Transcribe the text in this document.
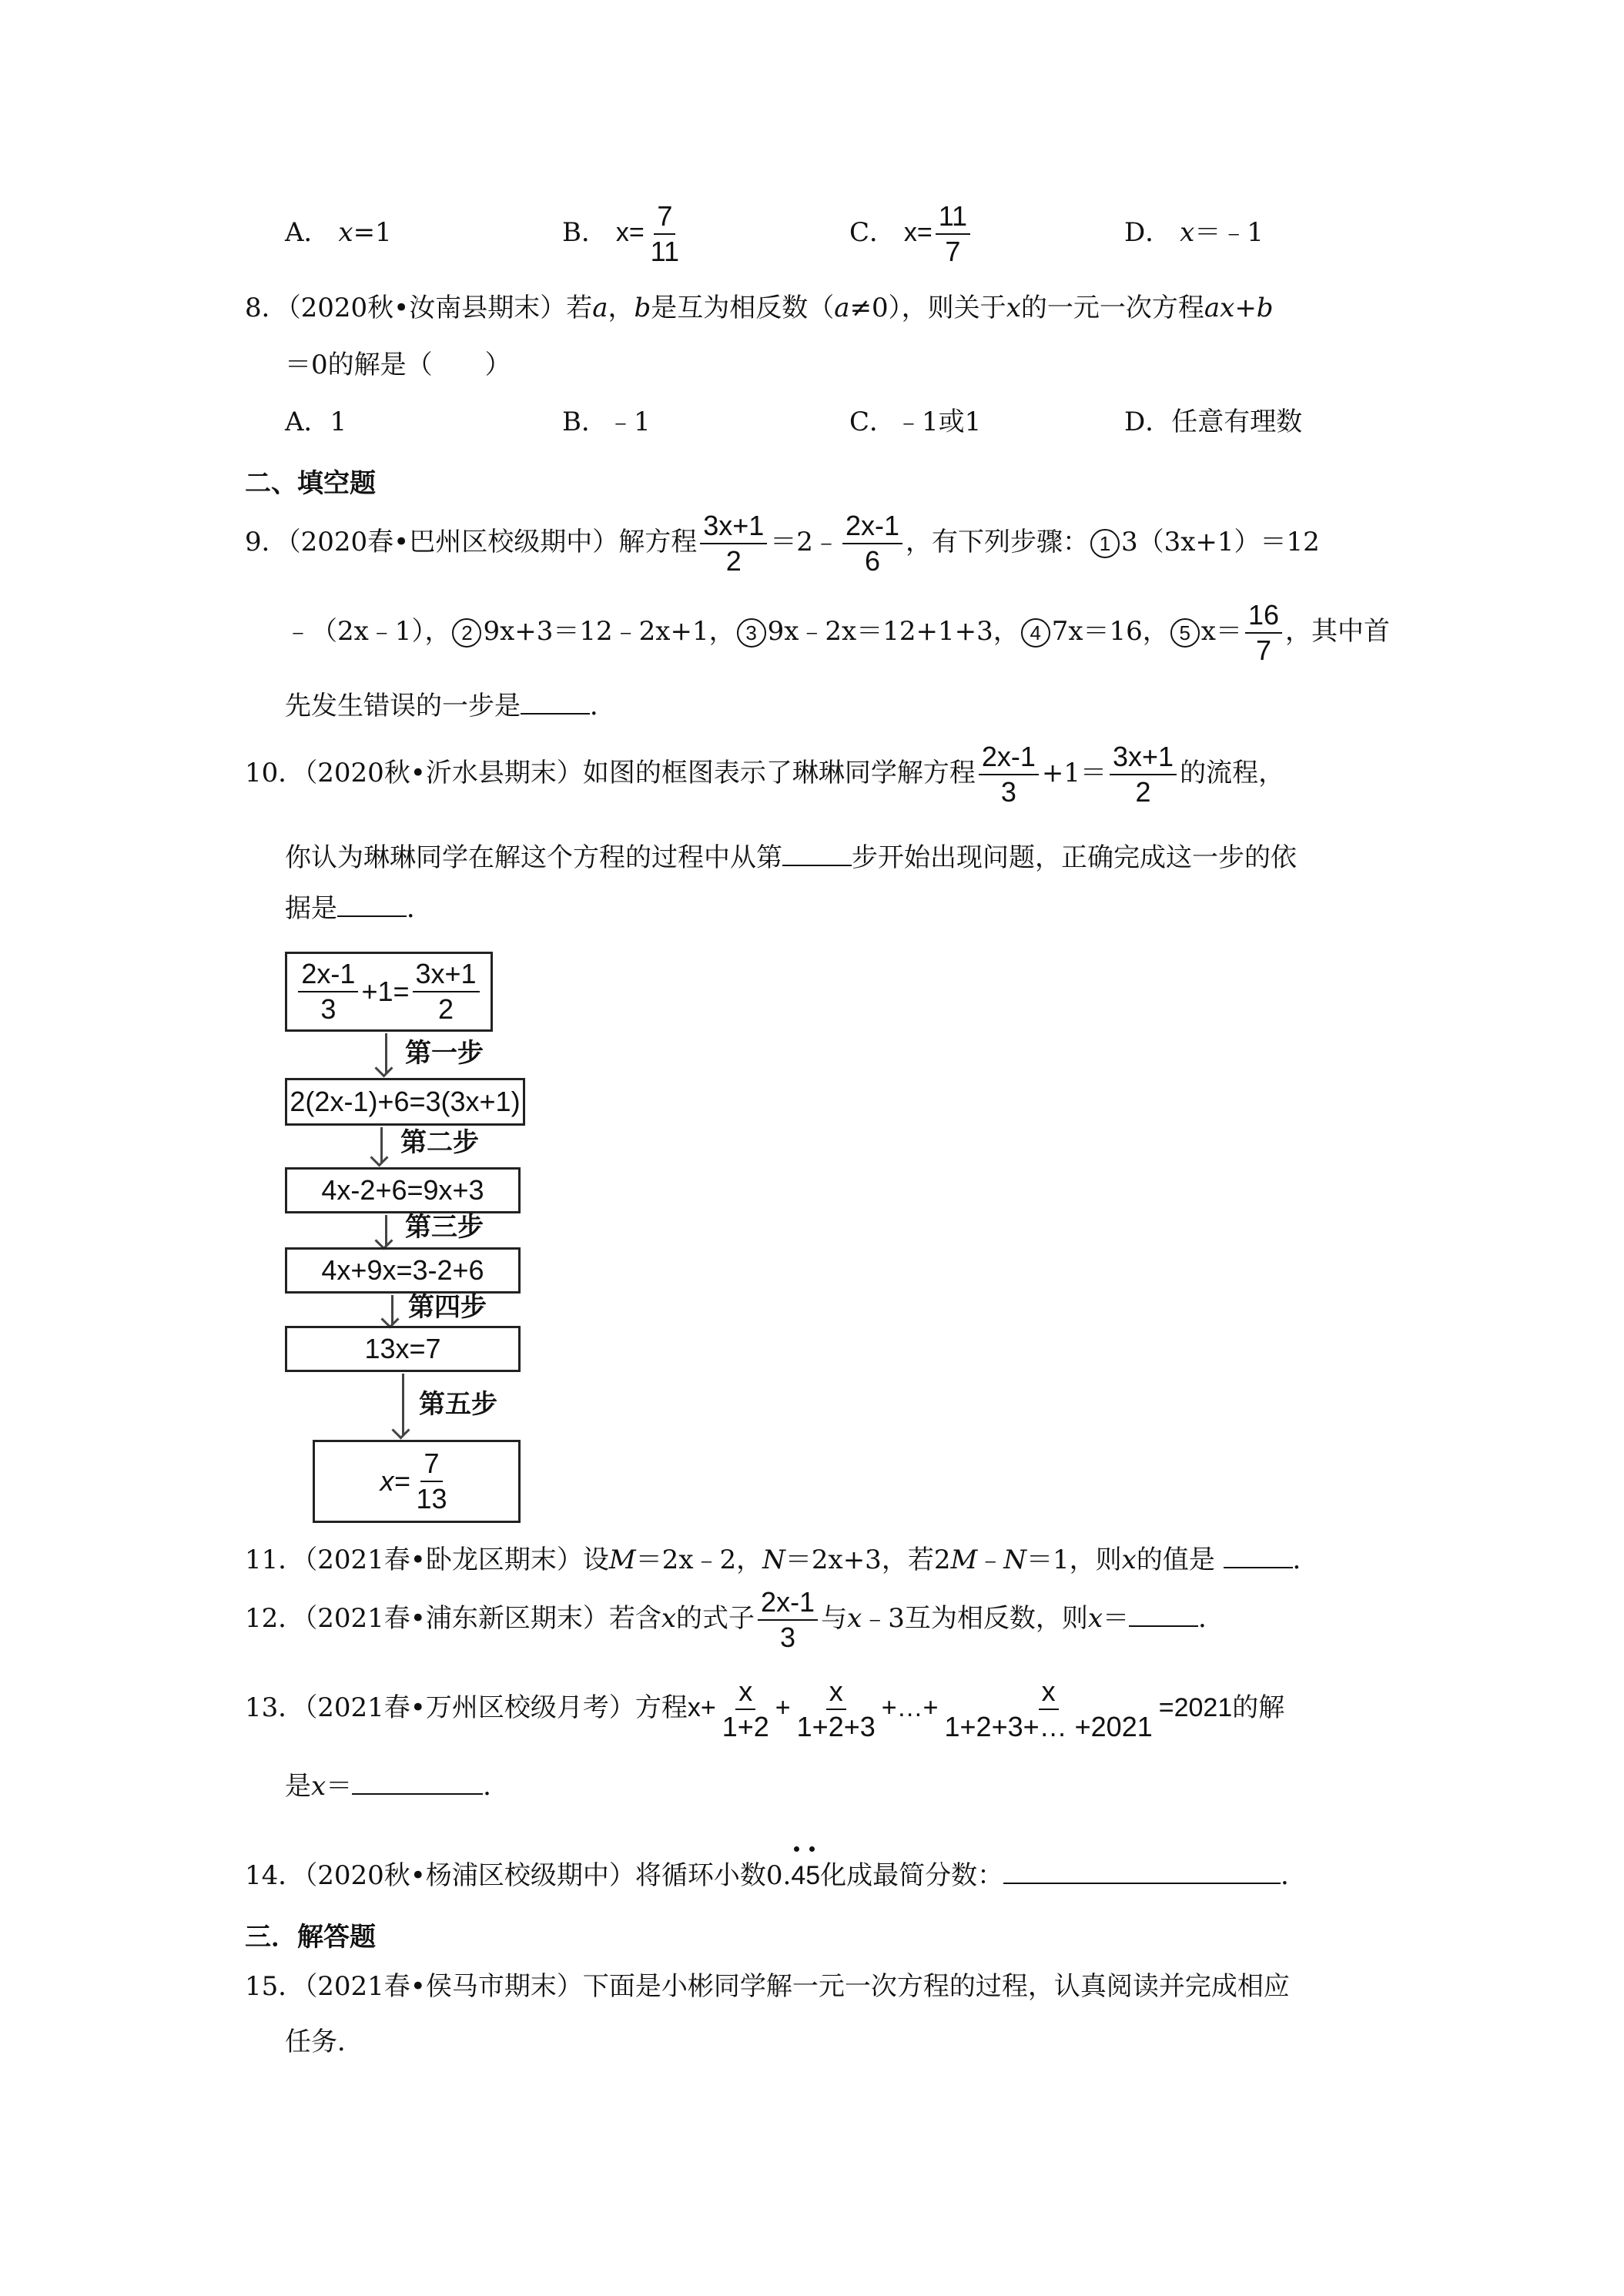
A． x=1	B． $x= \frac{7}{11}$	C． $x= \frac{11}{7}$	D． x＝﹣1
8．（2020秋•汝南县期末）若a，b是互为相反数（a≠0），则关于x的一元一次方程ax+b
＝0的解是（　　）
A．1	B．﹣1	C．﹣1或1	D．任意有理数
二、填空题
9．（2020春•巴州区校级期中）解方程 $\frac{3x+1}{2}$ ＝2﹣ $\frac{2x-1}{6}$ ，有下列步骤： 1 3（3x+1）＝12
﹣（2x﹣1）， 2 9x+3＝12﹣2x+1， 3 9x﹣2x＝12+1+3， 4 7x＝16， 5 $x= \frac{16}{7}$ ，其中首
先发生错误的一步是	．
10．（2020秋•沂水县期末）如图的框图表示了琳琳同学解方程 $\frac{2x-1}{3} +1= \frac{3x+1}{2}$ 的流程，
你认为琳琳同学在解这个方程的过程中从第	步开始出现问题，正确完成这一步的依
据是	．
$\frac{2x-1}{3} +1= \frac{3x+1}{2}$
第一步
2(2x-1)+6=3(3x+1)
第二步
4x-2+6=9x+3
第三步
4x+9x=3-2+6
第四步
13x=7
第五步
$x= \frac{7}{13}$
11．（2021春•卧龙区期末）设M＝2x﹣2，N＝2x+3，若2M﹣N＝1，则x的值是	．
12．（2021春•浦东新区期末）若含x的式子 $\frac{2x-1}{3}$ 与x﹣3互为相反数，则x＝	．
13．（2021春•万州区校级月考）方程$x+ \frac{x}{1+2} + \frac{x}{1+2+3}$ +…+ $\frac{x}{1+2+3+\dots +2021} =2021$的解
是x＝	．
14．（2020秋•杨浦区校级期中）将循环小数0.
45化成最简分数：	．
三．解答题
15．（2021春•侯马市期末）下面是小彬同学解一元一次方程的过程，认真阅读并完成相应
任务．
